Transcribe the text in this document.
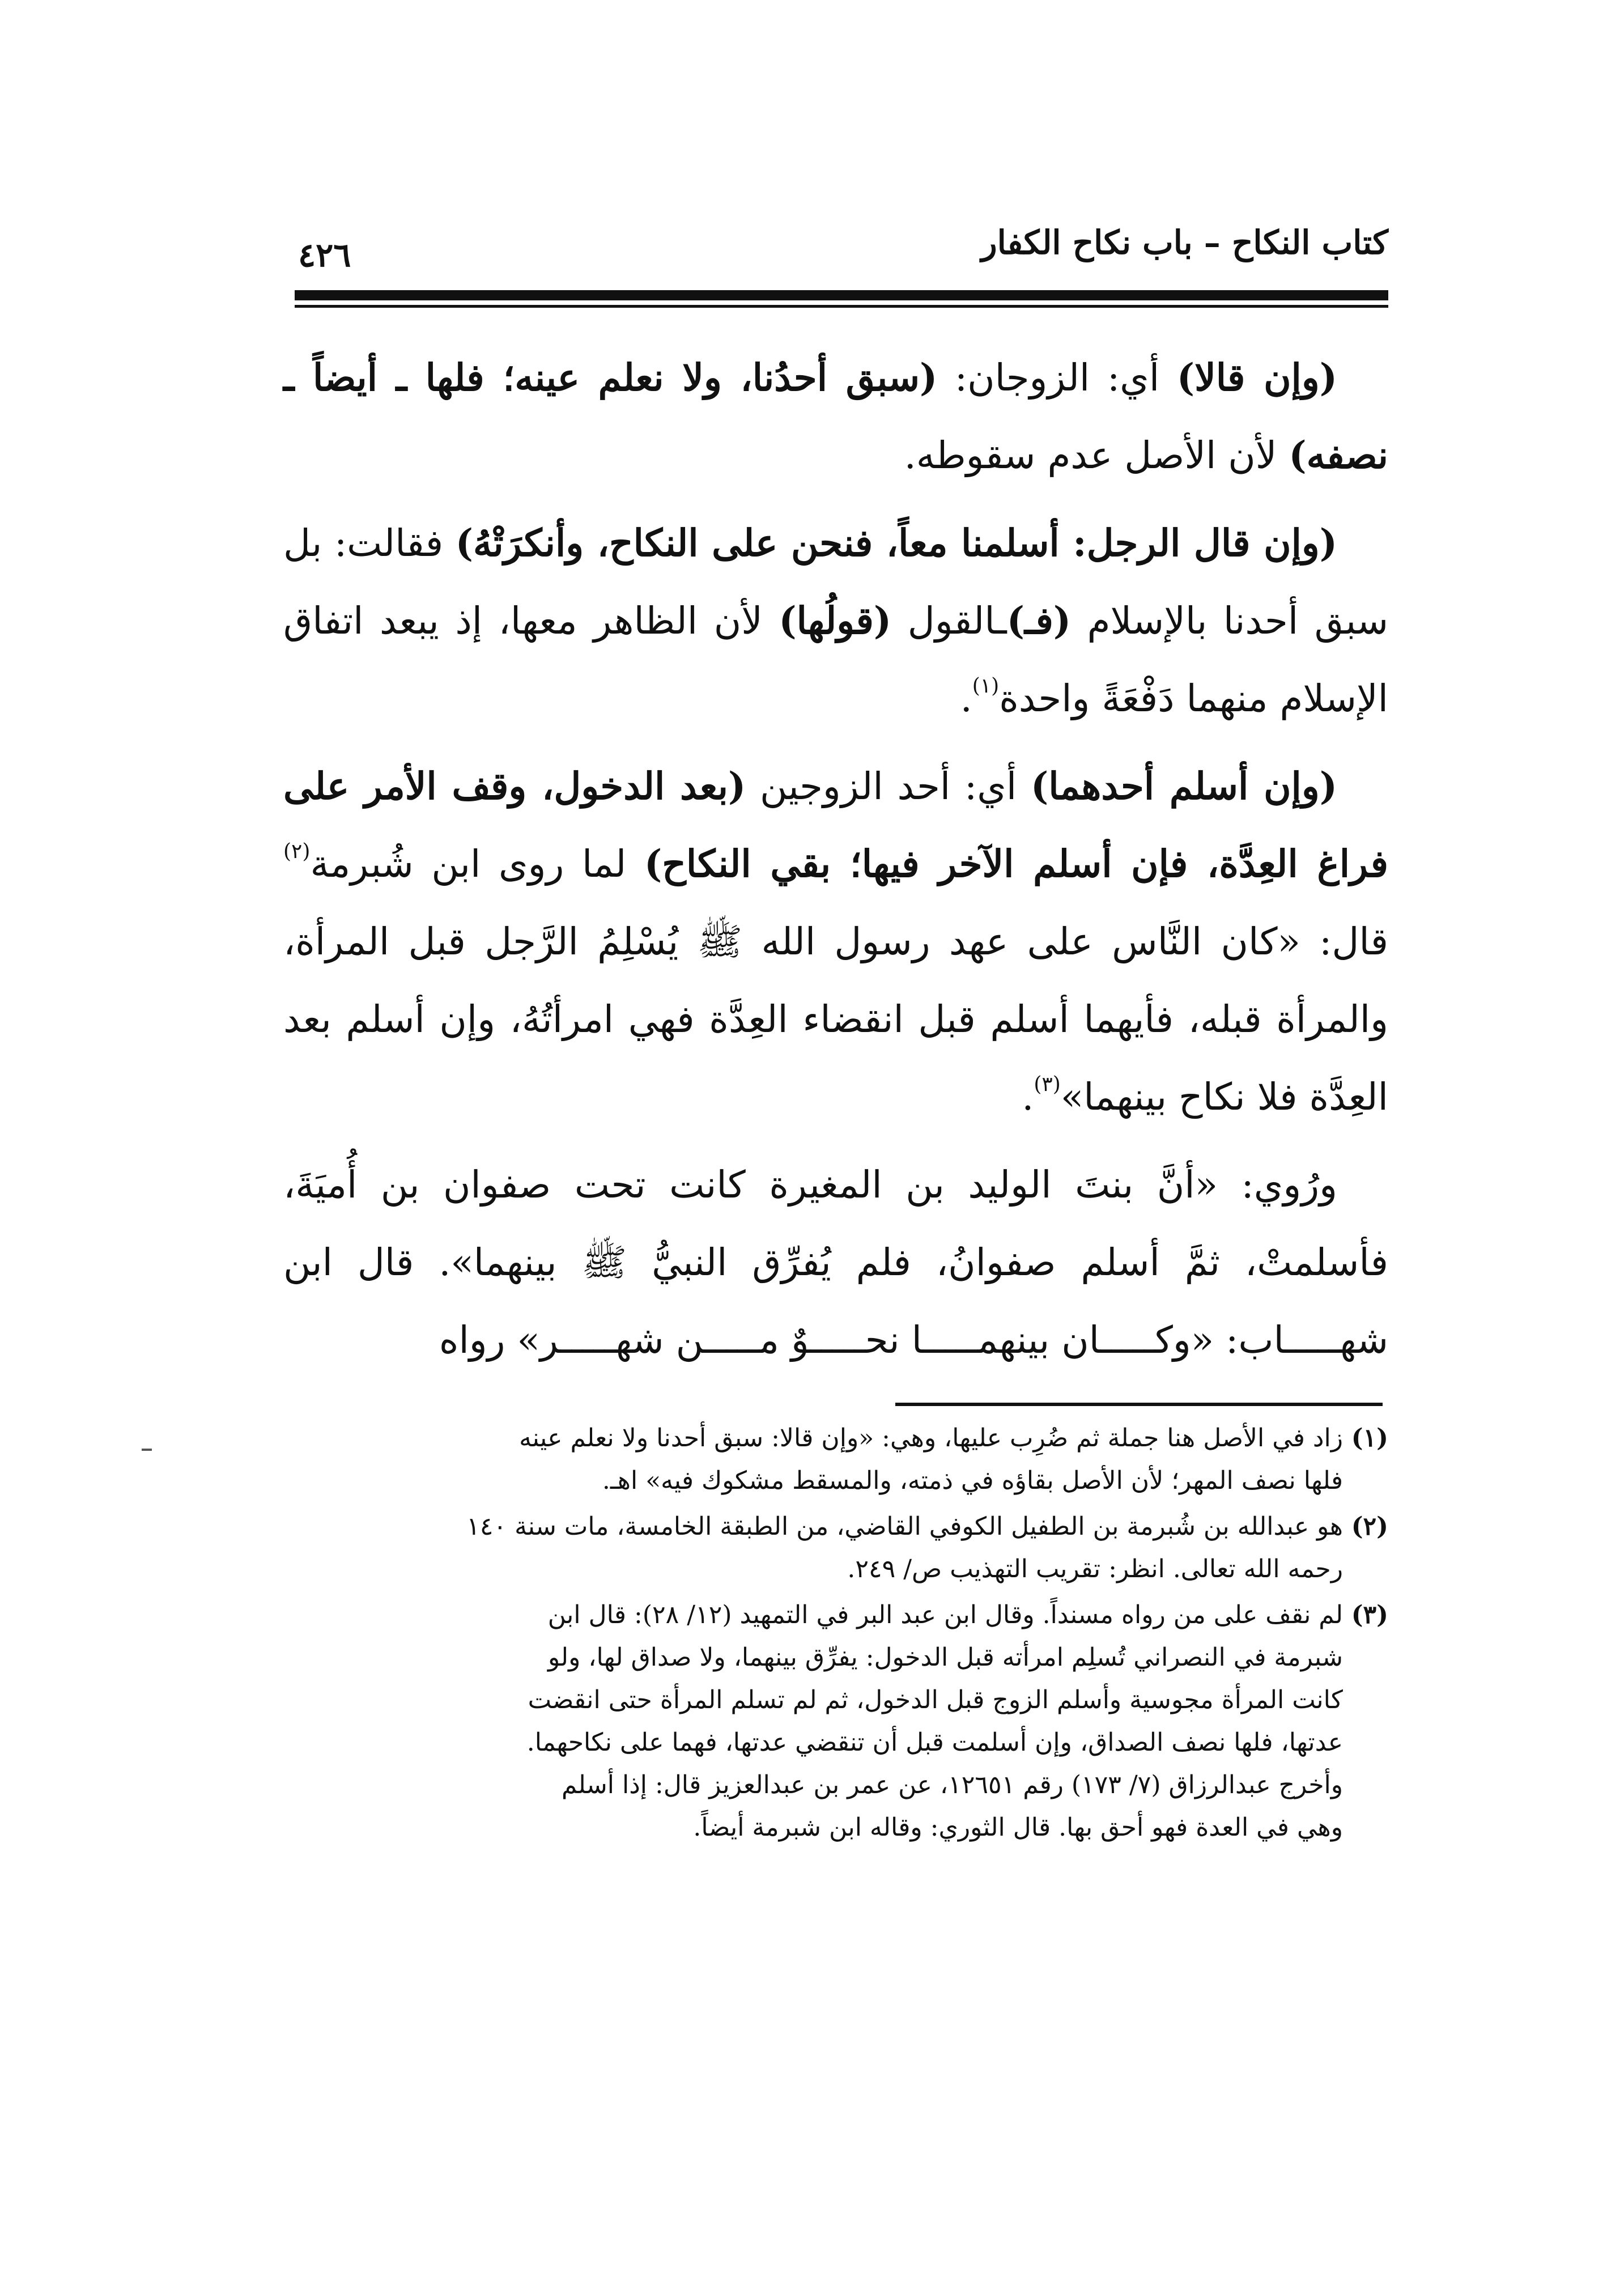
كتاب النكاح – باب نكاح الكفار
٤٢٦

(وإن قالا) أي: الزوجان: (سبق أحدُنا، ولا نعلم عينه؛ فلها ـ أيضاً ـ نصفه) لأن الأصل عدم سقوطه.

(وإن قال الرجل: أسلمنا معاً، فنحن على النكاح، وأنكرَتْهُ) فقالت: بل سبق أحدنا بالإسلام (فـ)ـالقول (قولُها) لأن الظاهر معها، إذ يبعد اتفاق الإسلام منهما دَفْعَةً واحدة$^{(١)}$.

(وإن أسلم أحدهما) أي: أحد الزوجين (بعد الدخول، وقف الأمر على فراغ العِدَّة، فإن أسلم الآخر فيها؛ بقي النكاح) لما روى ابن شُبرمة$^{(٢)}$ قال: «كان النَّاس على عهد رسول الله ﷺ يُسْلِمُ الرَّجل قبل المرأة، والمرأة قبله، فأيهما أسلم قبل انقضاء العِدَّة فهي امرأتُهُ، وإن أسلم بعد العِدَّة فلا نكاح بينهما»$^{(٣)}$.

ورُوي: «أنَّ بنتَ الوليد بن المغيرة كانت تحت صفوان بن أُميَةَ، فأسلمتْ، ثمَّ أسلم صفوانُ، فلم يُفرِّق النبيُّ ﷺ بينهما». قال ابن شهـــــاب: «وكـــــان بينهمـــــا نحـــــوٌ مـــــن شهـــــر» رواه

(١)
زاد في الأصل هنا جملة ثم ضُرِب عليها، وهي: «وإن قالا: سبق أحدنا ولا نعلم عينه
فلها نصف المهر؛ لأن الأصل بقاؤه في ذمته، والمسقط مشكوك فيه» اهـ.
(٢)
هو عبدالله بن شُبرمة بن الطفيل الكوفي القاضي، من الطبقة الخامسة، مات سنة ١٤٠
رحمه الله تعالى. انظر: تقريب التهذيب ص/ ٢٤٩.
(٣)
لم نقف على من رواه مسنداً. وقال ابن عبد البر في التمهيد (١٢/ ٢٨): قال ابن
شبرمة في النصراني تُسلِم امرأته قبل الدخول: يفرِّق بينهما، ولا صداق لها، ولو
كانت المرأة مجوسية وأسلم الزوج قبل الدخول، ثم لم تسلم المرأة حتى انقضت
عدتها، فلها نصف الصداق، وإن أسلمت قبل أن تنقضي عدتها، فهما على نكاحهما.
وأخرج عبدالرزاق (٧/ ١٧٣) رقم ١٢٦٥١، عن عمر بن عبدالعزيز قال: إذا أسلم
وهي في العدة فهو أحق بها. قال الثوري: وقاله ابن شبرمة أيضاً.
